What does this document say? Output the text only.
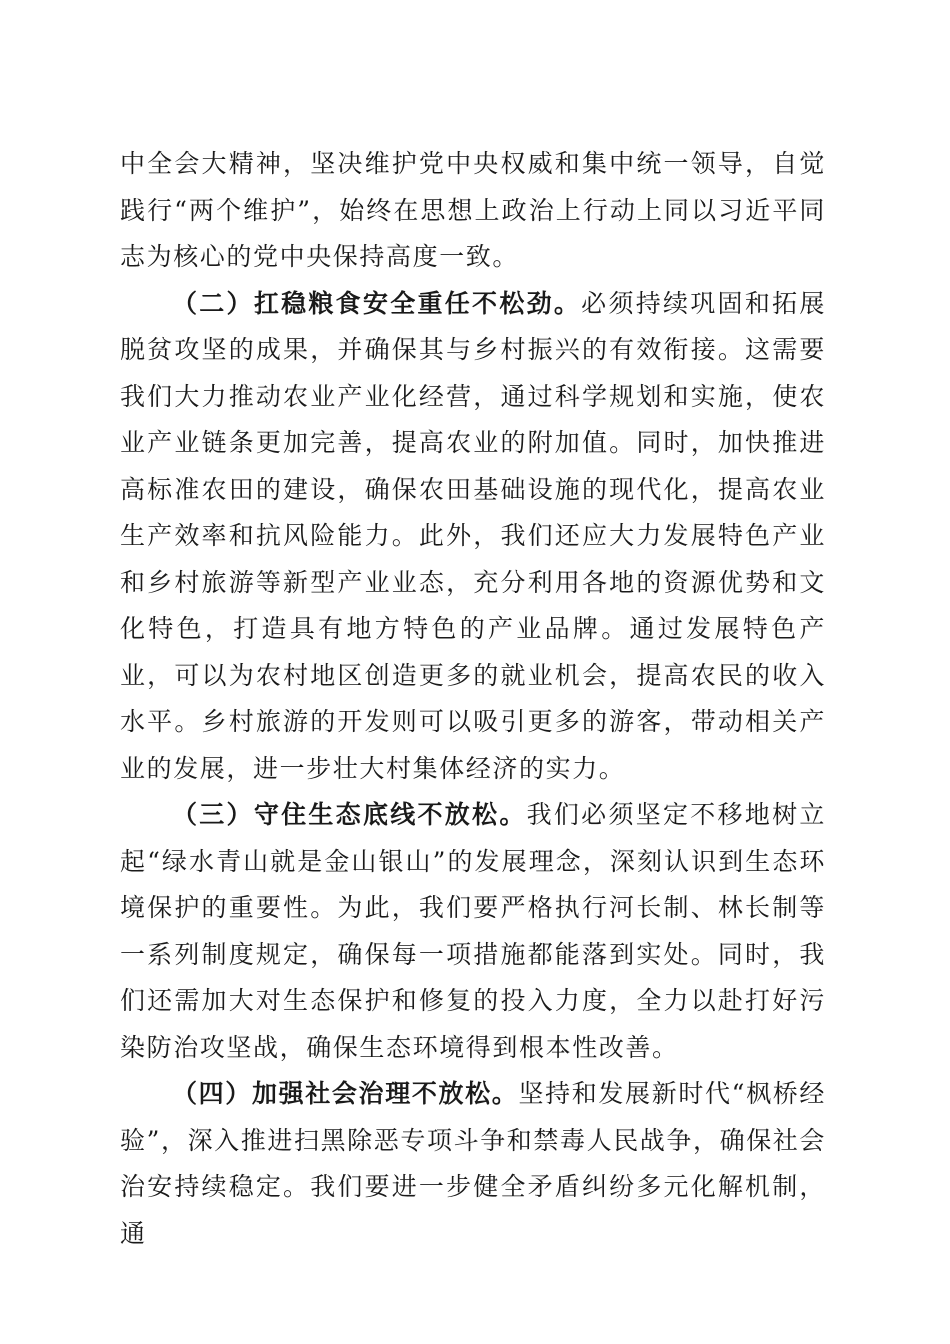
中全会大精神，坚决维护党中央权威和集中统一领导，自觉践行“两个维护”，始终在思想上政治上行动上同以习近平同志为核心的党中央保持高度一致。

（二）扛稳粮食安全重任不松劲。必须持续巩固和拓展脱贫攻坚的成果，并确保其与乡村振兴的有效衔接。这需要我们大力推动农业产业化经营，通过科学规划和实施，使农业产业链条更加完善，提高农业的附加值。同时，加快推进高标准农田的建设，确保农田基础设施的现代化，提高农业生产效率和抗风险能力。此外，我们还应大力发展特色产业和乡村旅游等新型产业业态，充分利用各地的资源优势和文化特色，打造具有地方特色的产业品牌。通过发展特色产业，可以为农村地区创造更多的就业机会，提高农民的收入水平。乡村旅游的开发则可以吸引更多的游客，带动相关产业的发展，进一步壮大村集体经济的实力。

（三）守住生态底线不放松。我们必须坚定不移地树立起“绿水青山就是金山银山”的发展理念，深刻认识到生态环境保护的重要性。为此，我们要严格执行河长制、林长制等一系列制度规定，确保每一项措施都能落到实处。同时，我们还需加大对生态保护和修复的投入力度，全力以赴打好污染防治攻坚战，确保生态环境得到根本性改善。

（四）加强社会治理不放松。坚持和发展新时代“枫桥经验”，深入推进扫黑除恶专项斗争和禁毒人民战争，确保社会治安持续稳定。我们要进一步健全矛盾纠纷多元化解机制，通
